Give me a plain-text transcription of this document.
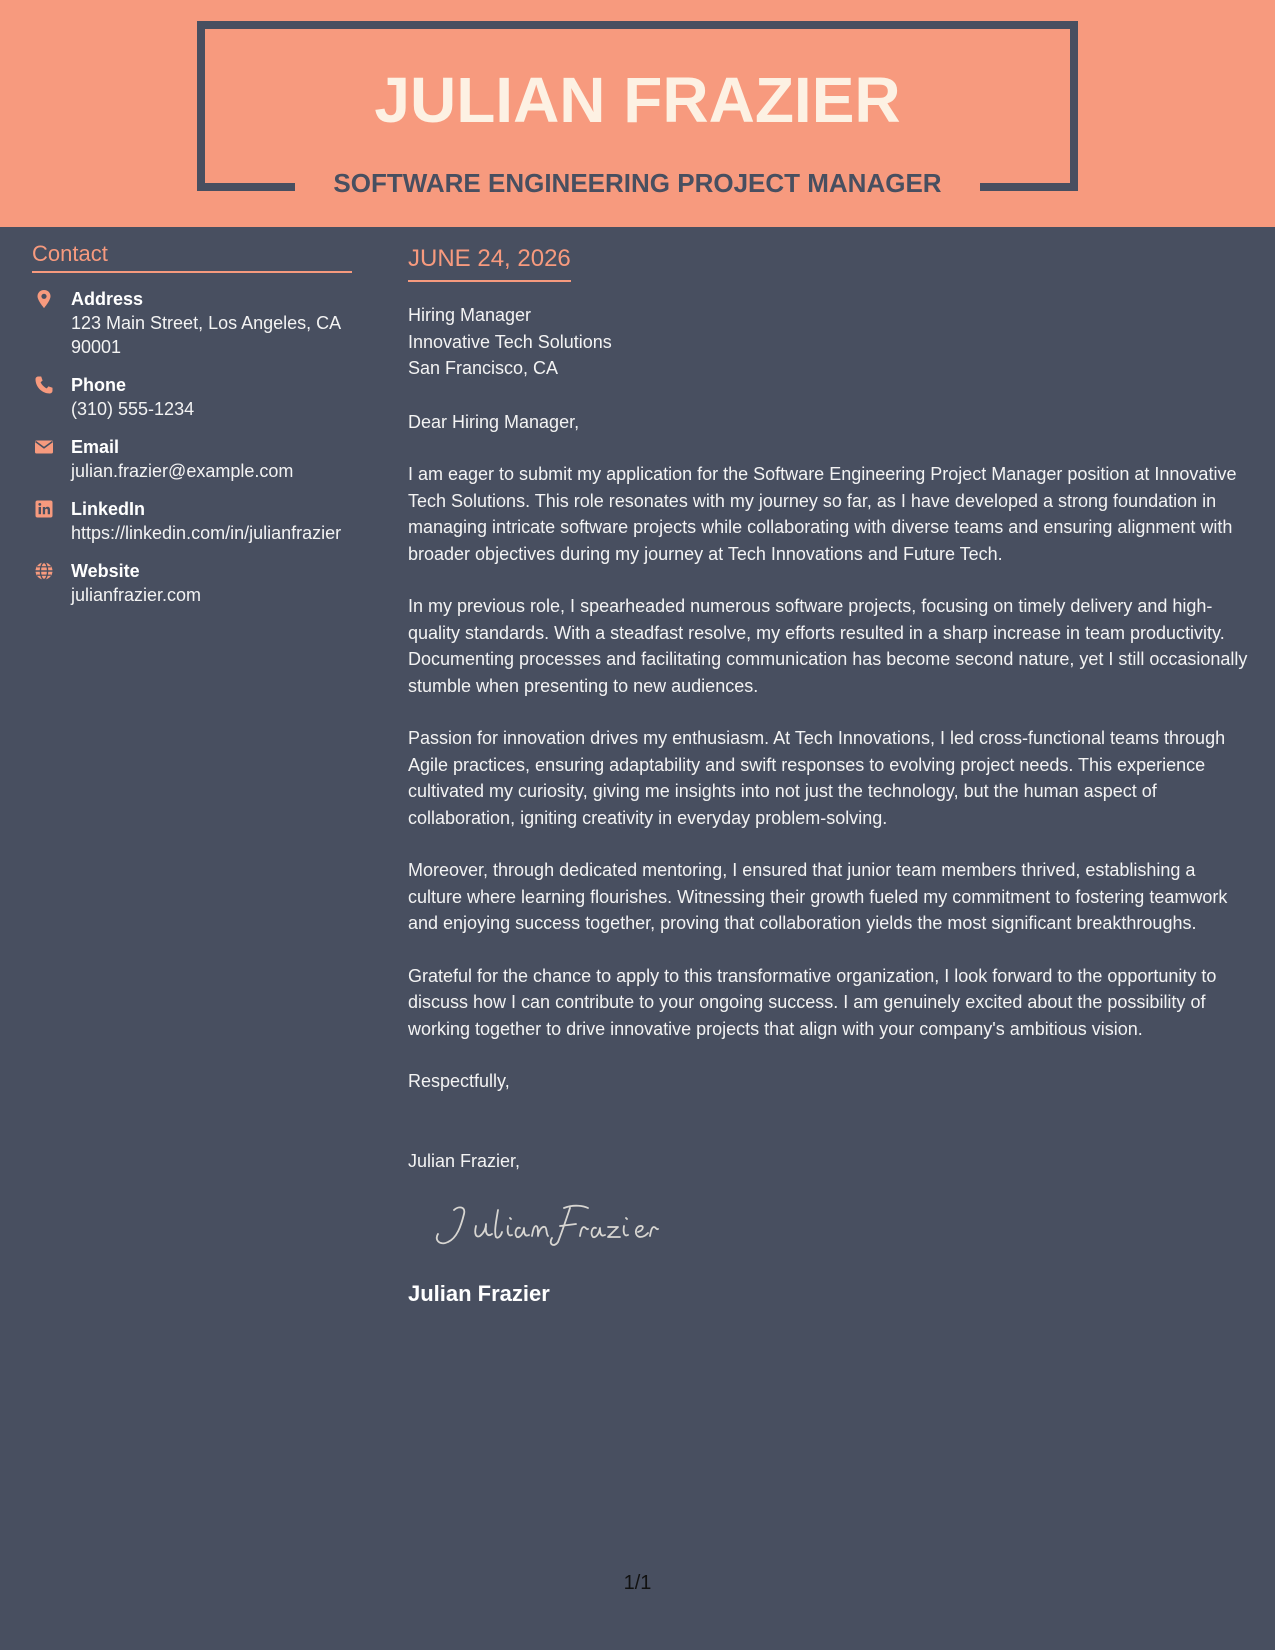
JULIAN FRAZIER
SOFTWARE ENGINEERING PROJECT MANAGER
Contact
Address
123 Main Street, Los Angeles, CA 90001
Phone
(310) 555-1234
Email
julian.frazier@example.com
LinkedIn
https://linkedin.com/in/julianfrazier
Website
julianfrazier.com
JUNE 24, 2026
Hiring Manager
Innovative Tech Solutions
San Francisco, CA

Dear Hiring Manager,

I am eager to submit my application for the Software Engineering Project Manager position at Innovative Tech Solutions. This role resonates with my journey so far, as I have developed a strong foundation in managing intricate software projects while collaborating with diverse teams and ensuring alignment with broader objectives during my journey at Tech Innovations and Future Tech.

In my previous role, I spearheaded numerous software projects, focusing on timely delivery and high-quality standards. With a steadfast resolve, my efforts resulted in a sharp increase in team productivity. Documenting processes and facilitating communication has become second nature, yet I still occasionally stumble when presenting to new audiences.

Passion for innovation drives my enthusiasm. At Tech Innovations, I led cross-functional teams through Agile practices, ensuring adaptability and swift responses to evolving project needs. This experience cultivated my curiosity, giving me insights into not just the technology, but the human aspect of collaboration, igniting creativity in everyday problem-solving.

Moreover, through dedicated mentoring, I ensured that junior team members thrived, establishing a culture where learning flourishes. Witnessing their growth fueled my commitment to fostering teamwork and enjoying success together, proving that collaboration yields the most significant breakthroughs.

Grateful for the chance to apply to this transformative organization, I look forward to the opportunity to discuss how I can contribute to your ongoing success. I am genuinely excited about the possibility of working together to drive innovative projects that align with your company's ambitious vision.

Respectfully,

Julian Frazier,

Julian Frazier
1/1
